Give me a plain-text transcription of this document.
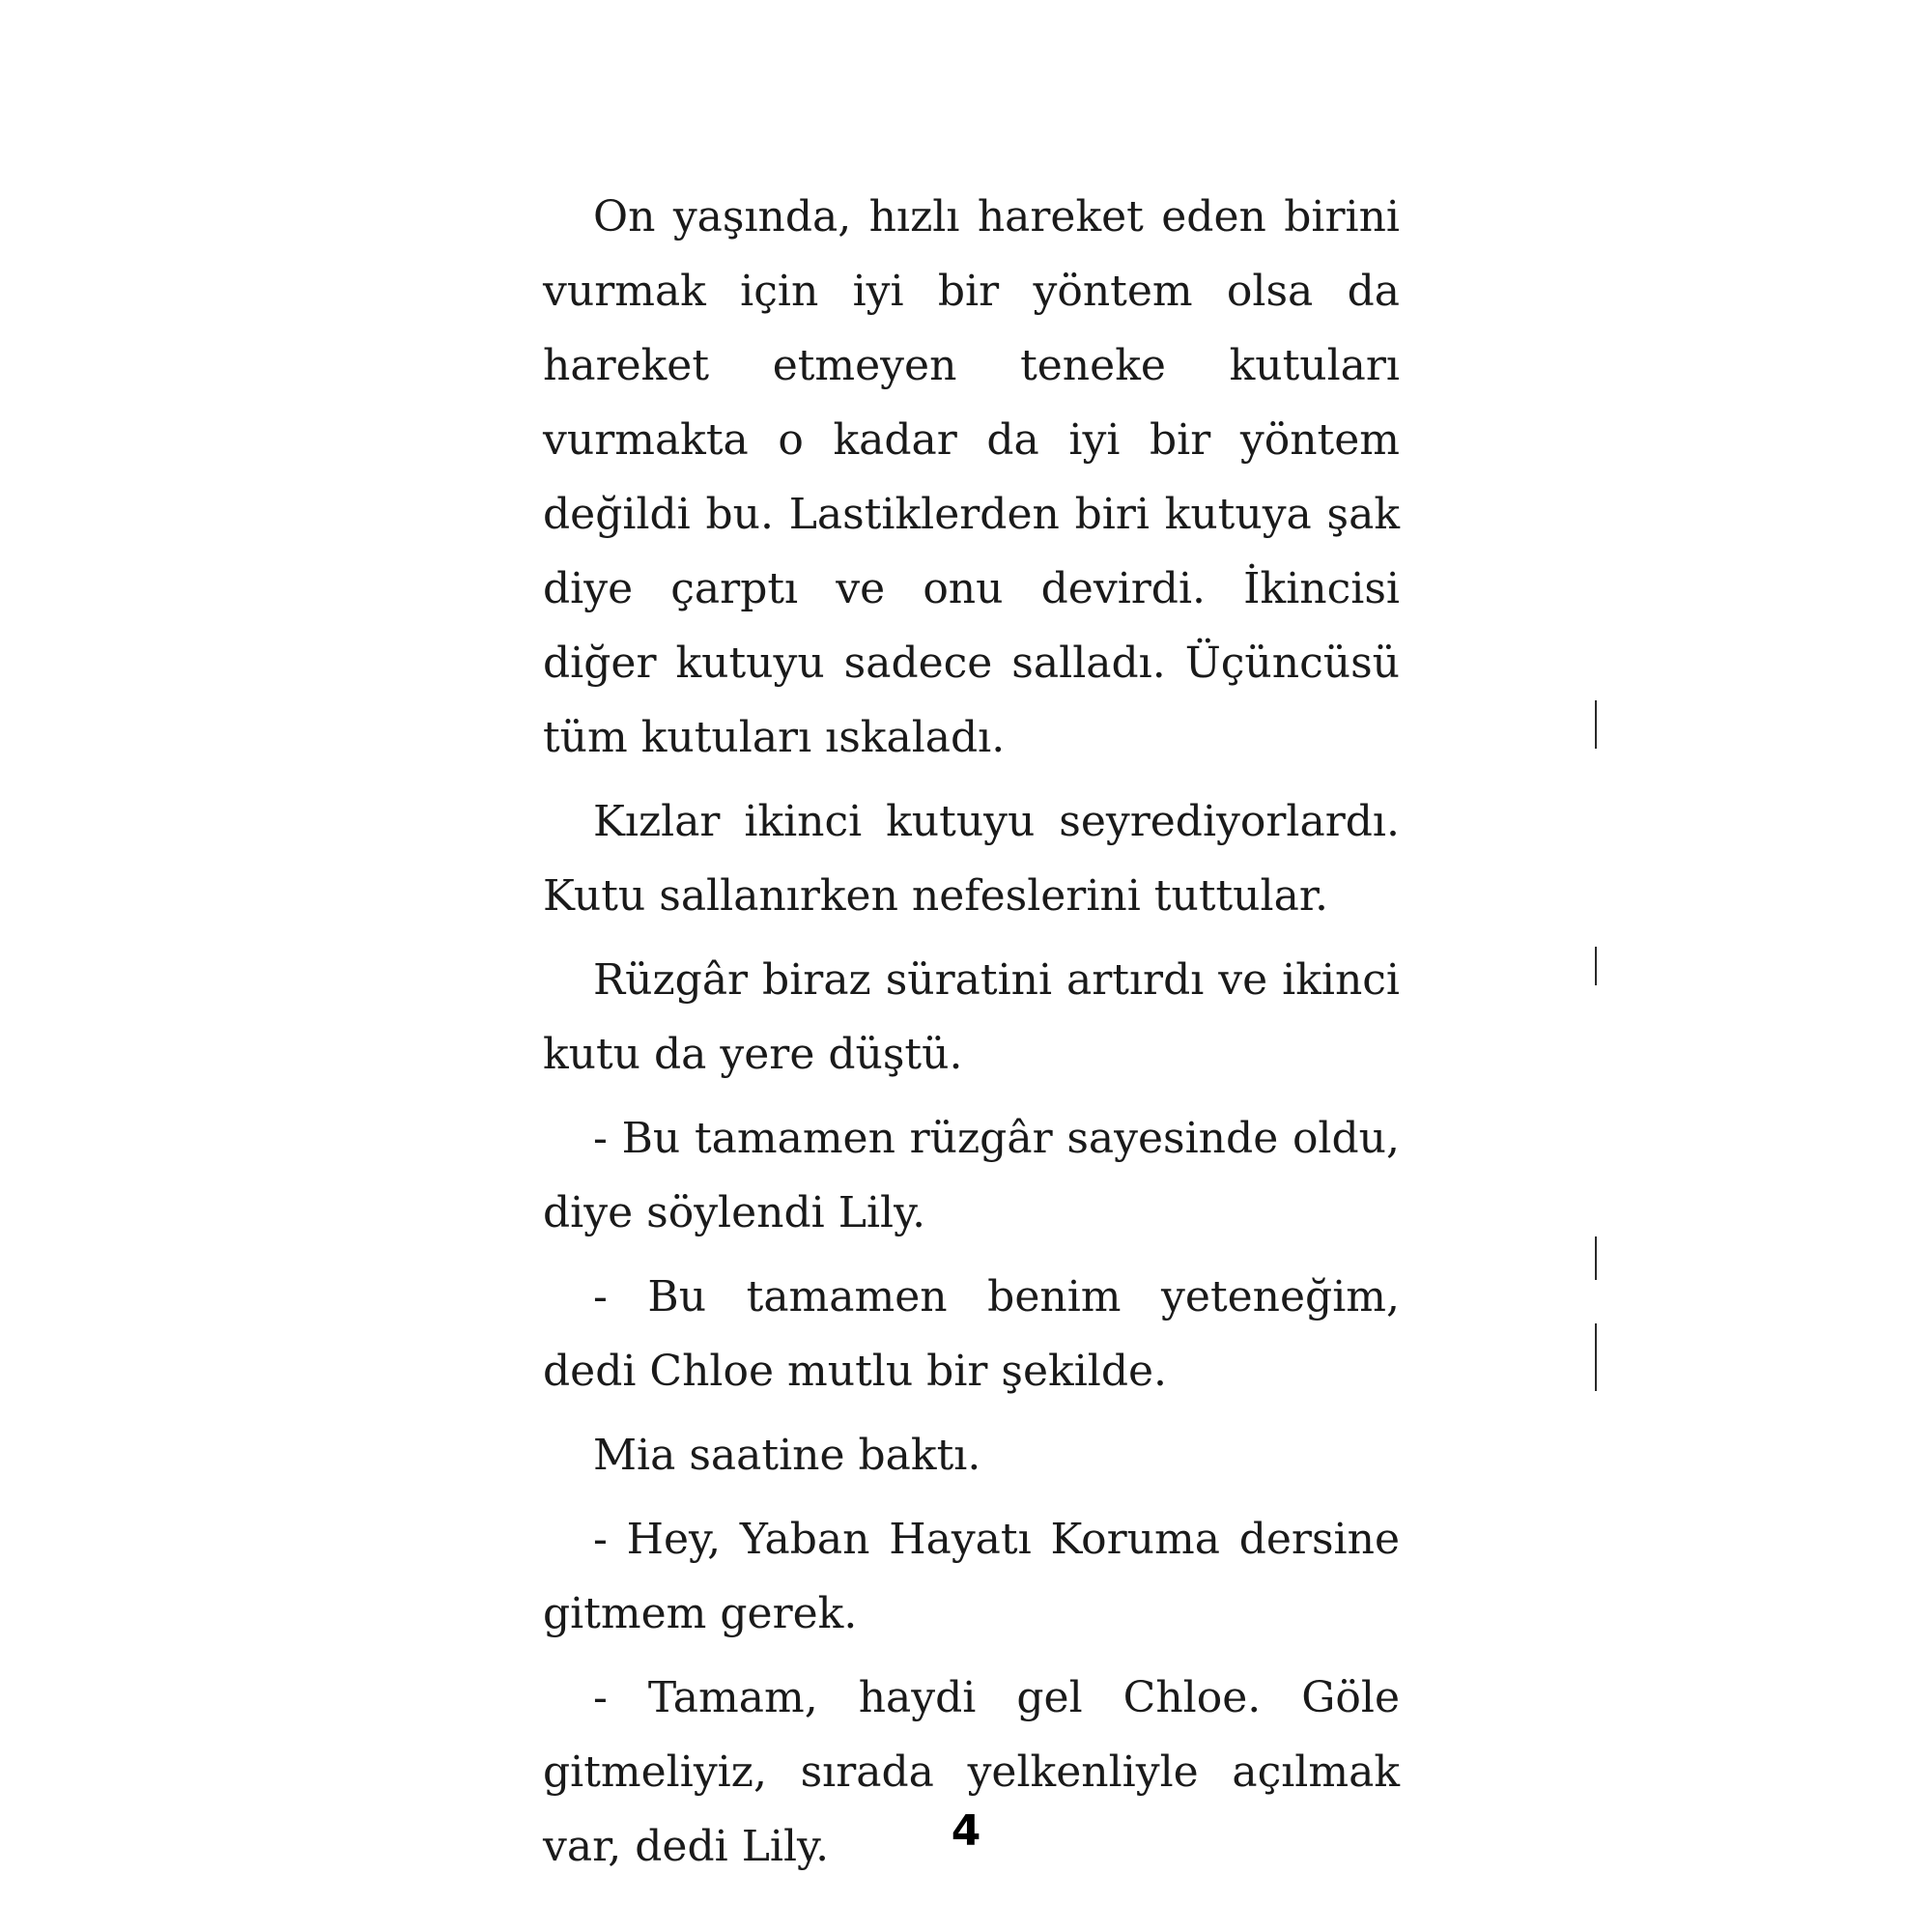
On yaşında, hızlı hareket eden birini vurmak için iyi bir yöntem olsa da hareket etmeyen teneke kutuları vurmakta o kadar da iyi bir yöntem değildi bu. Lastiklerden biri kutuya şak diye çarptı ve onu devirdi. İkincisi diğer kutuyu sadece salladı. Üçüncüsü tüm kutuları ıskaladı.

Kızlar ikinci kutuyu seyrediyorlardı. Kutu sallanırken nefeslerini tuttular.

Rüzgâr biraz süratini artırdı ve ikinci kutu da yere düştü.

- Bu tamamen rüzgâr sayesinde oldu, diye söylendi Lily.

- Bu tamamen benim yeteneğim, dedi Chloe mutlu bir şekilde.

Mia saatine baktı.

- Hey, Yaban Hayatı Koruma dersine gitmem gerek.

- Tamam, haydi gel Chloe. Göle gitmeliyiz, sırada yelkenliyle açılmak var, dedi Lily.	4
